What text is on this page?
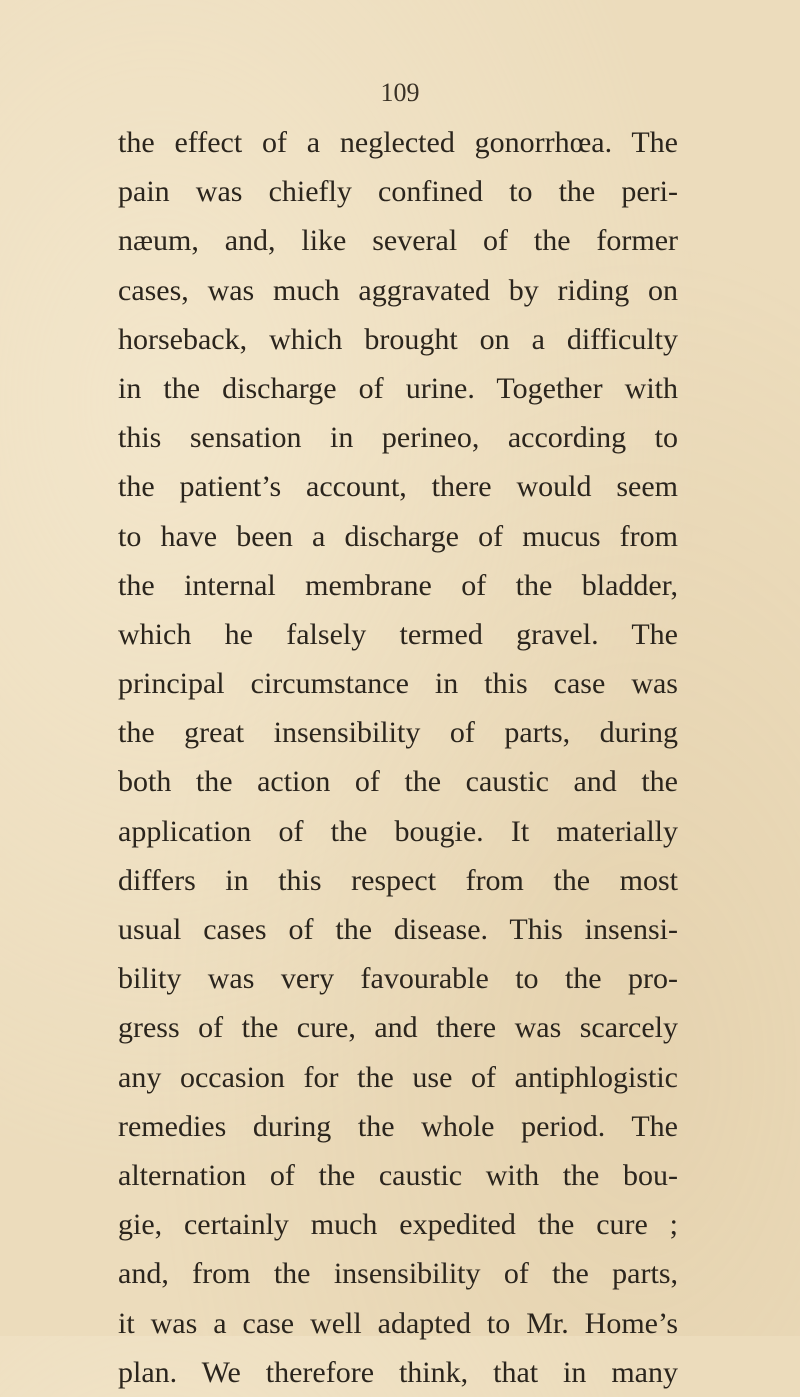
109
the effect of a neglected gonorrhœa. The
pain was chiefly confined to the peri-
næum, and, like several of the former
cases, was much aggravated by riding on
horseback, which brought on a difficulty
in the discharge of urine. Together with
this sensation in perineo, according to
the patient’s account, there would seem
to have been a discharge of mucus from
the internal membrane of the bladder,
which he falsely termed gravel. The
principal circumstance in this case was
the great insensibility of parts, during
both the action of the caustic and the
application of the bougie. It materially
differs in this respect from the most
usual cases of the disease. This insensi-
bility was very favourable to the pro-
gress of the cure, and there was scarcely
any occasion for the use of antiphlogistic
remedies during the whole period. The
alternation of the caustic with the bou-
gie, certainly much expedited the cure ;
and, from the insensibility of the parts,
it was a case well adapted to Mr. Home’s
plan. We therefore think, that in many
